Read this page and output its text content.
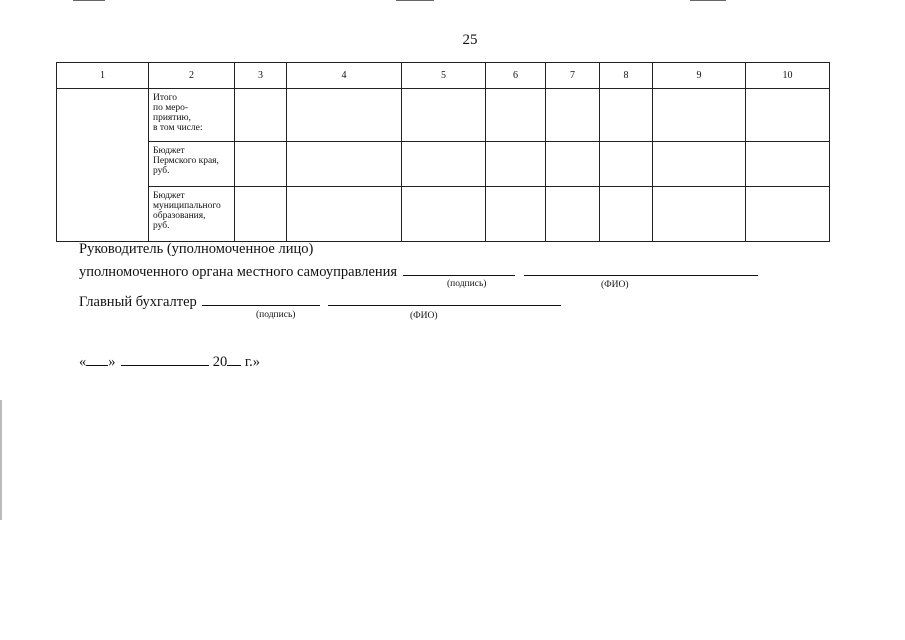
25
1	2	3	4	5	6	7	8	9	10
	Итого
по меро-
приятию,
в том числе:								
	Бюджет
Пермского края,
руб.								
	Бюджет
муниципального
образования,
руб.								
Руководитель (уполномоченное лицо)
уполномоченного органа местного самоуправления
(подпись)	(ФИО)
Главный бухгалтер
(подпись)	(ФИО)
« »	20 г.»
